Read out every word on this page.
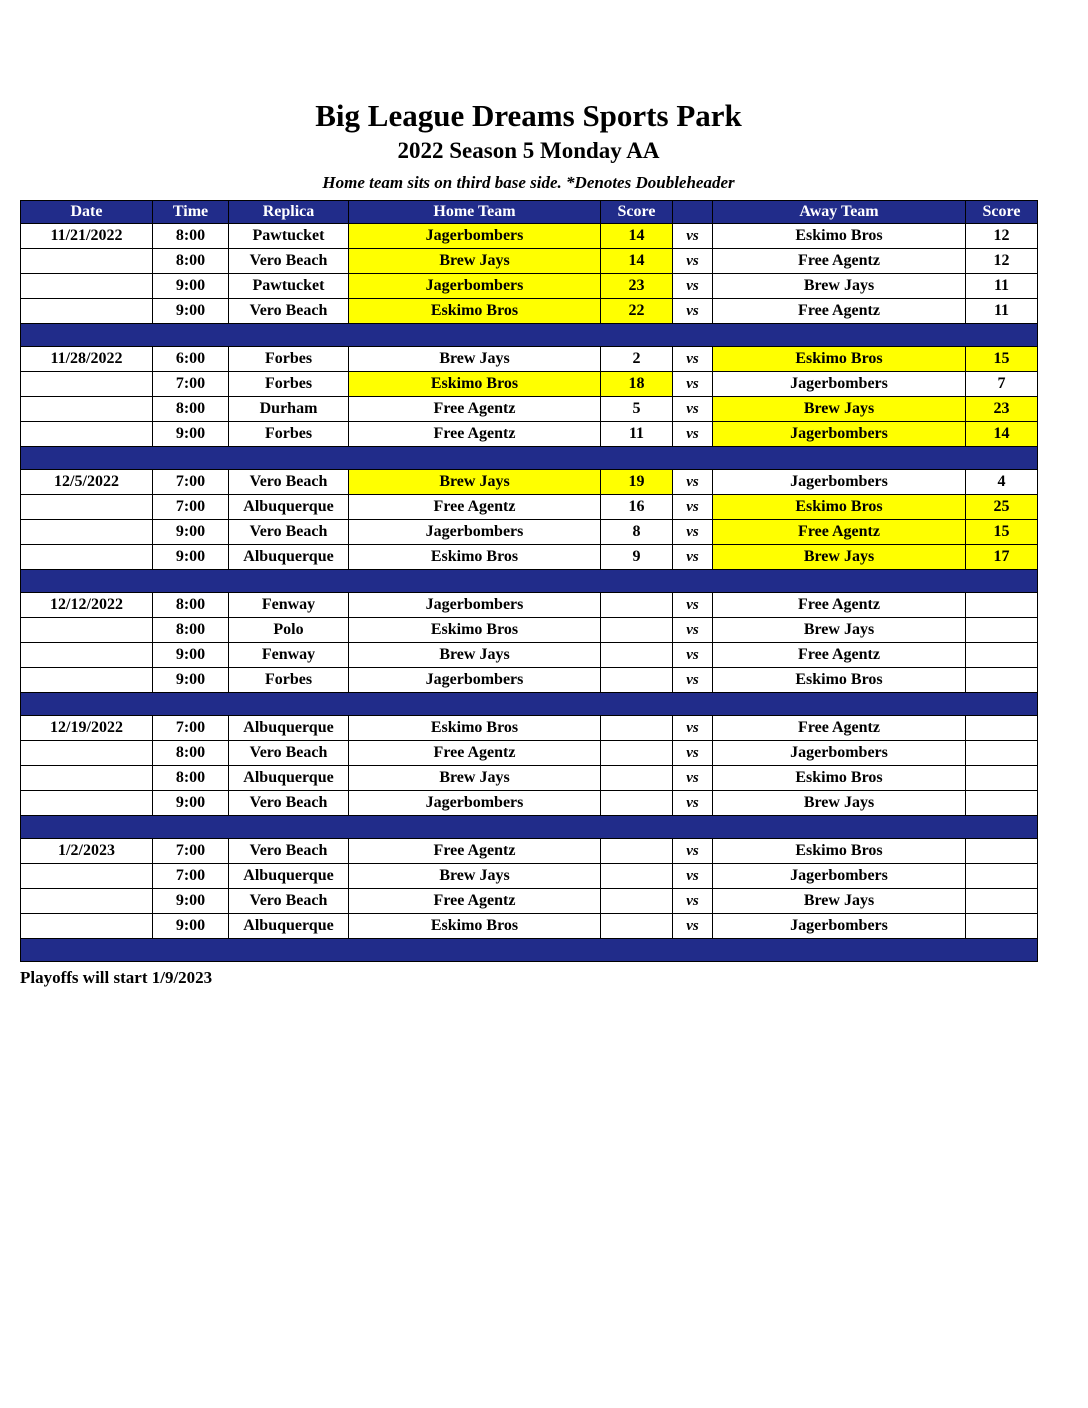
Big League Dreams Sports Park
2022 Season 5 Monday AA
Home team sits on third base side. *Denotes Doubleheader
Date	Time	Replica	Home Team	Score		Away Team	Score
11/21/2022	8:00	Pawtucket	Jagerbombers	14	vs	Eskimo Bros	12
	8:00	Vero Beach	Brew Jays	14	vs	Free Agentz	12
	9:00	Pawtucket	Jagerbombers	23	vs	Brew Jays	11
	9:00	Vero Beach	Eskimo Bros	22	vs	Free Agentz	11

11/28/2022	6:00	Forbes	Brew Jays	2	vs	Eskimo Bros	15
	7:00	Forbes	Eskimo Bros	18	vs	Jagerbombers	7
	8:00	Durham	Free Agentz	5	vs	Brew Jays	23
	9:00	Forbes	Free Agentz	11	vs	Jagerbombers	14

12/5/2022	7:00	Vero Beach	Brew Jays	19	vs	Jagerbombers	4
	7:00	Albuquerque	Free Agentz	16	vs	Eskimo Bros	25
	9:00	Vero Beach	Jagerbombers	8	vs	Free Agentz	15
	9:00	Albuquerque	Eskimo Bros	9	vs	Brew Jays	17

12/12/2022	8:00	Fenway	Jagerbombers		vs	Free Agentz	
	8:00	Polo	Eskimo Bros		vs	Brew Jays	
	9:00	Fenway	Brew Jays		vs	Free Agentz	
	9:00	Forbes	Jagerbombers		vs	Eskimo Bros	

12/19/2022	7:00	Albuquerque	Eskimo Bros		vs	Free Agentz	
	8:00	Vero Beach	Free Agentz		vs	Jagerbombers	
	8:00	Albuquerque	Brew Jays		vs	Eskimo Bros	
	9:00	Vero Beach	Jagerbombers		vs	Brew Jays	

1/2/2023	7:00	Vero Beach	Free Agentz		vs	Eskimo Bros	
	7:00	Albuquerque	Brew Jays		vs	Jagerbombers	
	9:00	Vero Beach	Free Agentz		vs	Brew Jays	
	9:00	Albuquerque	Eskimo Bros		vs	Jagerbombers	

Playoffs will start 1/9/2023
